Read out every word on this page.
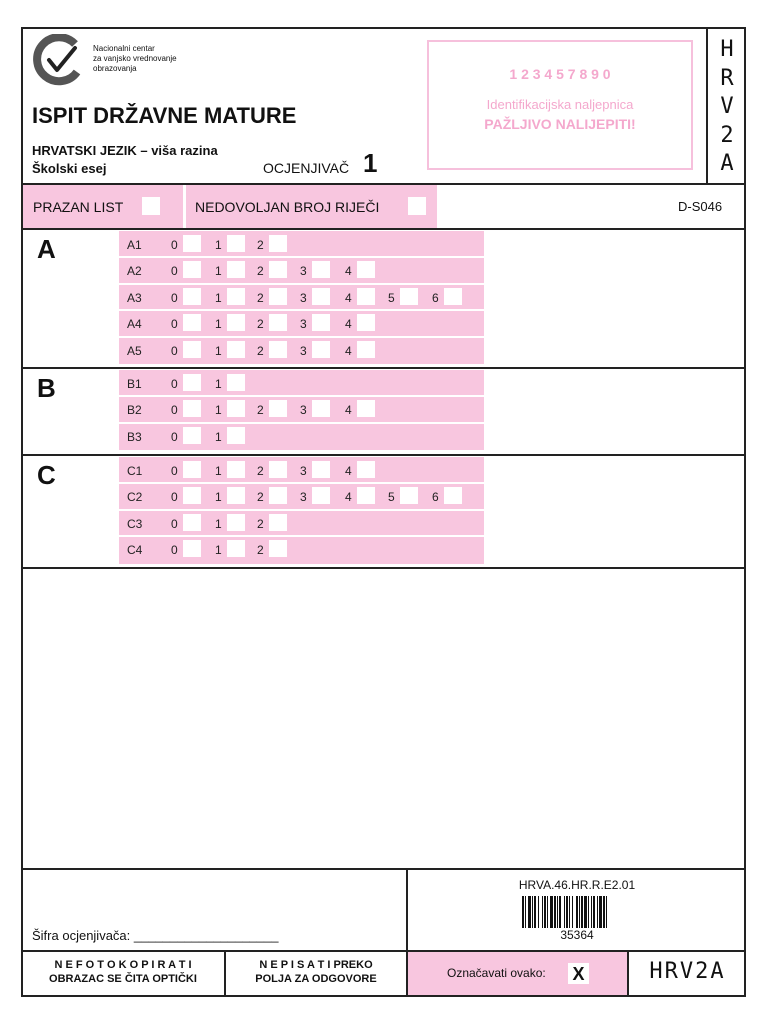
Nacionalni centar
za vanjsko vrednovanje
obrazovanja
ISPIT DRŽAVNE MATURE
HRVATSKI JEZIK – viša razina
Školski esej	OCJENJIVAČ 1
1 2 3 4 5 7 8 9 0
Identifikacijska naljepnica
PAŽLJIVO NALIJEPITI!
H
R
V
2
A
PRAZAN LIST	NEDOVOLJAN BROJ RIJEČI	D-S046
A	A1 0	1	2
A2 0	1	2	3	4
A3 0	1	2	3	4	5	6
A4 0	1	2	3	4
A5 0	1	2	3	4
B	B1 0	1
B2 0	1	2	3	4
B3 0	1
C	C1 0	1	2	3	4
C2 0	1	2	3	4	5	6
C3 0	1	2
C4 0	1	2
Šifra ocjenjivača: ____________________
HRVA.46.HR.R.E2.01
35364
N E F O T O K O P I R A T I
OBRAZAC SE ČITA OPTIČKI
N E P I S A T I PREKO
POLJA ZA ODGOVORE	Označavati ovako: X	HRV2A
